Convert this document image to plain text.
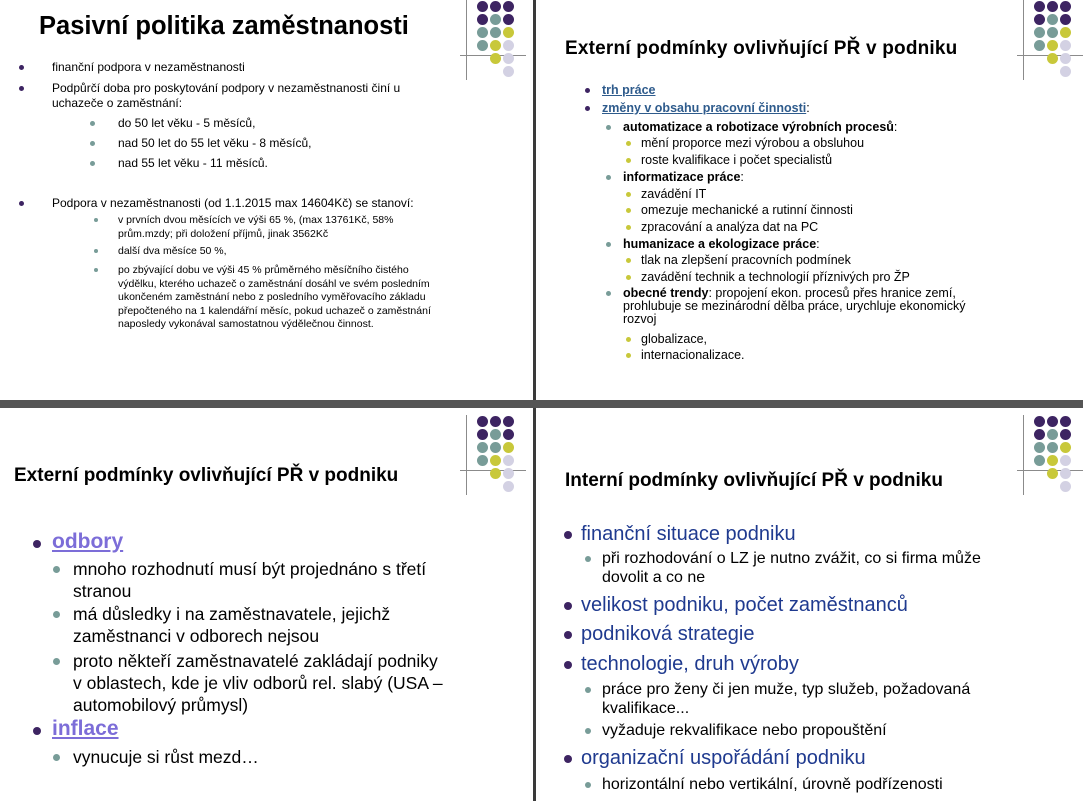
Pasivní politika zaměstnanosti
finanční podpora v nezaměstnanosti
Podpůrčí doba pro poskytování podpory v nezaměstnanosti činí u
uchazeče o zaměstnání:
do 50 let věku - 5 měsíců,
nad 50 let do 55 let věku - 8 měsíců,
nad 55 let věku - 11 měsíců.
Podpora v nezaměstnanosti (od 1.1.2015 max 14604Kč) se stanoví:
v prvních dvou měsících ve výši 65 %, (max 13761Kč, 58%
prům.mzdy; při doložení příjmů, jinak 3562Kč
další dva měsíce 50 %,
po zbývající dobu ve výši 45 % průměrného měsíčního čistého
výdělku, kterého uchazeč o zaměstnání dosáhl ve svém posledním
ukončeném zaměstnání nebo z posledního vyměřovacího základu
přepočteného na 1 kalendářní měsíc, pokud uchazeč o zaměstnání
naposledy vykonával samostatnou výdělečnou činnost.
Externí podmínky ovlivňující PŘ v podniku
trh práce
změny v obsahu pracovní činnosti:
automatizace a robotizace výrobních procesů:
mění proporce mezi výrobou a obsluhou
roste kvalifikace i počet specialistů
informatizace práce:
zavádění IT
omezuje mechanické a rutinní činnosti
zpracování a analýza dat na PC
humanizace a ekologizace práce:
tlak na zlepšení pracovních podmínek
zavádění technik a technologií příznivých pro ŽP
obecné trendy: propojení ekon. procesů přes hranice zemí,
prohlubuje se mezinárodní dělba práce, urychluje ekonomický
rozvoj
globalizace,
internacionalizace.
Externí podmínky ovlivňující PŘ v podniku
odbory
mnoho rozhodnutí musí být projednáno s třetí
stranou
má důsledky i na zaměstnavatele, jejichž
zaměstnanci v odborech nejsou
proto někteří zaměstnavatelé zakládají podniky
v oblastech, kde je vliv odborů rel. slabý (USA –
automobilový průmysl)
inflace
vynucuje si růst mezd…
Interní podmínky ovlivňující PŘ v podniku
finanční situace podniku
při rozhodování o LZ je nutno zvážit, co si firma může
dovolit a co ne
velikost podniku, počet zaměstnanců
podniková strategie
technologie, druh výroby
práce pro ženy či jen muže, typ služeb, požadovaná
kvalifikace...
vyžaduje rekvalifikace nebo propouštění
organizační uspořádání podniku
horizontální nebo vertikální, úrovně podřízenosti
